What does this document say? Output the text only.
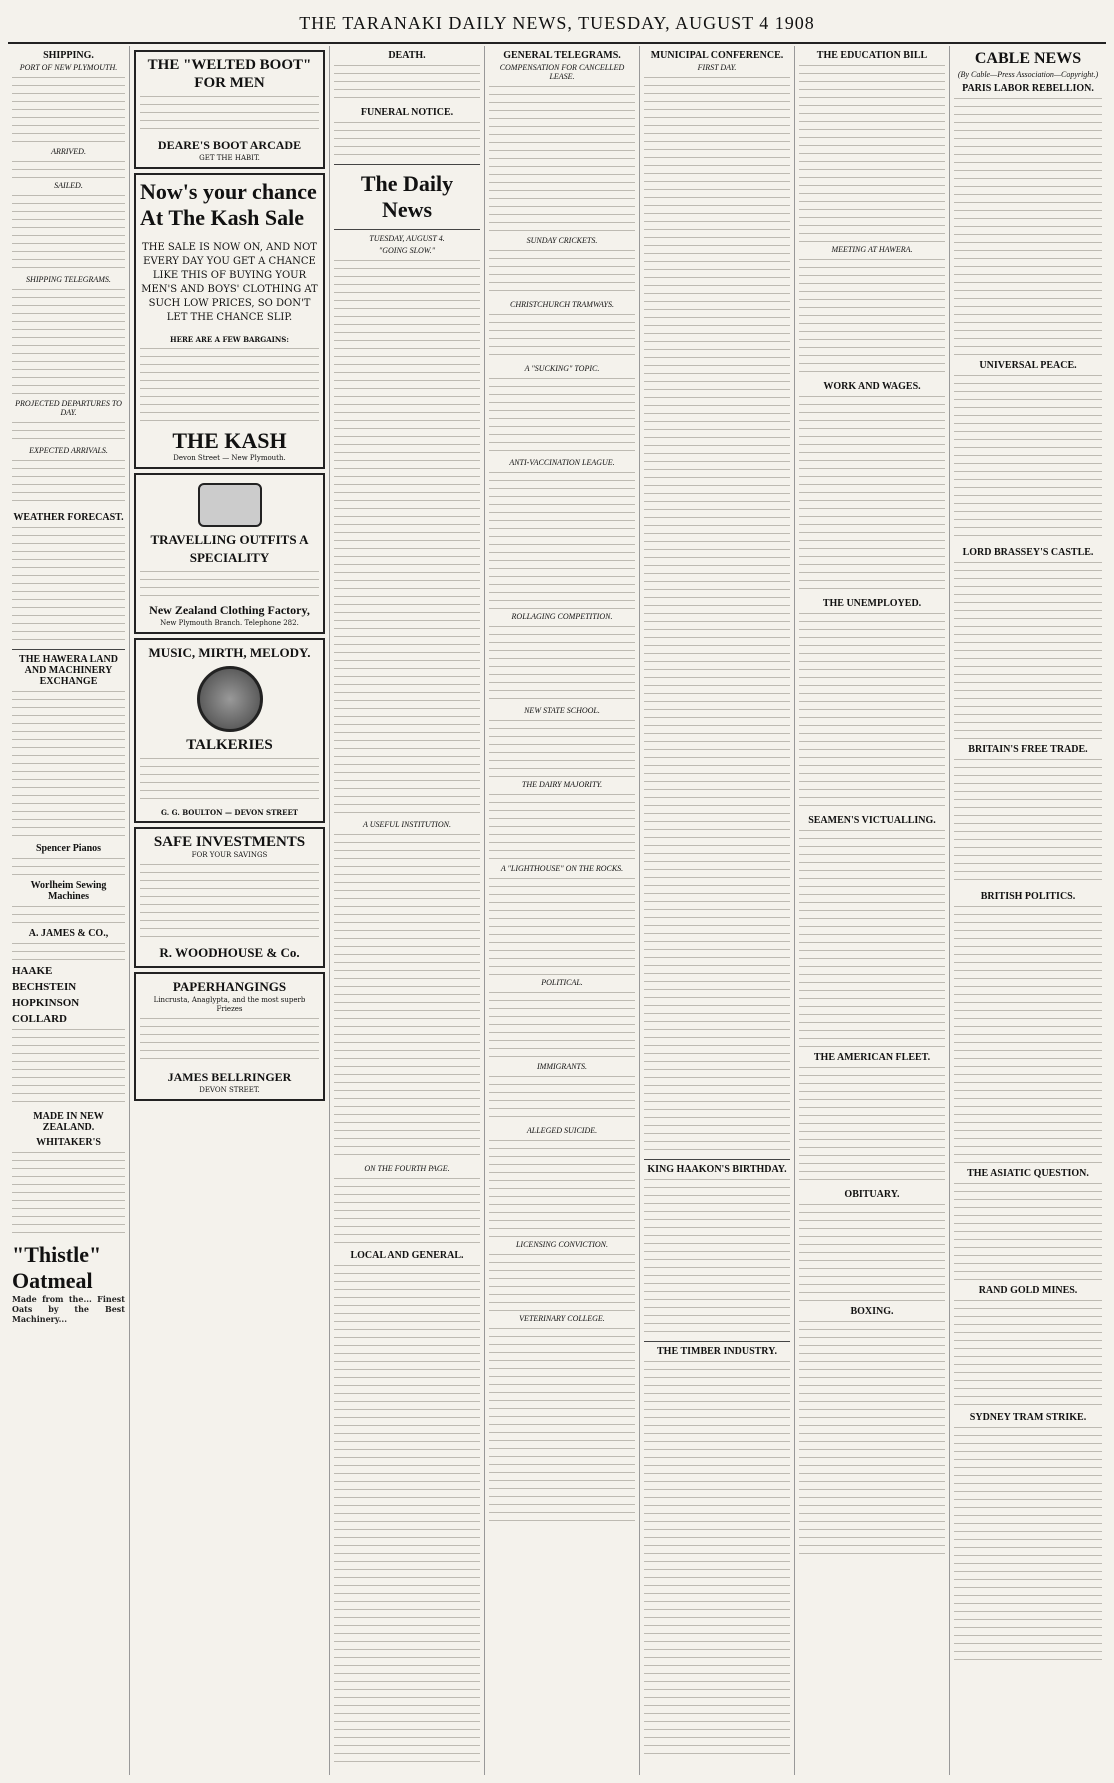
THE TARANAKI DAILY NEWS, TUESDAY, AUGUST 4 1908
SHIPPING.
PORT OF NEW PLYMOUTH.
ARRIVED.
SAILED.
SHIPPING TELEGRAMS.
PROJECTED DEPARTURES TO DAY.
EXPECTED ARRIVALS.
WEATHER FORECAST.
THE HAWERA LAND AND MACHINERY EXCHANGE
Spencer Pianos
Worlheim Sewing Machines
A. JAMES & CO.,
HAAKE
BECHSTEIN
HOPKINSON
COLLARD
MADE IN NEW ZEALAND.
WHITAKER'S
"Thistle"
Oatmeal
Made from the... Finest Oats by the Best Machinery...
THE "WELTED BOOT" FOR MEN
DEARE'S BOOT ARCADE
GET THE HABIT.
Now's your chance At The Kash Sale
THE SALE IS NOW ON, AND NOT EVERY DAY YOU GET A CHANCE LIKE THIS OF BUYING YOUR MEN'S AND BOYS' CLOTHING AT SUCH LOW PRICES, SO DON'T LET THE CHANCE SLIP.
HERE ARE A FEW BARGAINS:
THE KASH
Devon Street — New Plymouth.
TRAVELLING OUTFITS A SPECIALITY
New Zealand Clothing Factory,
New Plymouth Branch. Telephone 282.
MUSIC, MIRTH, MELODY.
TALKERIES
G. G. BOULTON — DEVON STREET
SAFE INVESTMENTS
FOR YOUR SAVINGS
R. WOODHOUSE & Co.
PAPERHANGINGS
Lincrusta, Anaglypta, and the most superb Friezes
JAMES BELLRINGER
DEVON STREET.
DEATH.
FUNERAL NOTICE.
The Daily News
TUESDAY, AUGUST 4.
"GOING SLOW."
A USEFUL INSTITUTION.
ON THE FOURTH PAGE.
LOCAL AND GENERAL.
GENERAL TELEGRAMS.
COMPENSATION FOR CANCELLED LEASE.
SUNDAY CRICKETS.
CHRISTCHURCH TRAMWAYS.
A "SUCKING" TOPIC.
ANTI-VACCINATION LEAGUE.
ROLLAGING COMPETITION.
NEW STATE SCHOOL.
THE DAIRY MAJORITY.
A "LIGHTHOUSE" ON THE ROCKS.
POLITICAL.
IMMIGRANTS.
ALLEGED SUICIDE.
LICENSING CONVICTION.
VETERINARY COLLEGE.
MUNICIPAL CONFERENCE.
FIRST DAY.
KING HAAKON'S BIRTHDAY.
THE TIMBER INDUSTRY.
THE EDUCATION BILL
MEETING AT HAWERA.
WORK AND WAGES.
THE UNEMPLOYED.
SEAMEN'S VICTUALLING.
THE AMERICAN FLEET.
OBITUARY.
BOXING.
CABLE NEWS
(By Cable—Press Association—Copyright.)
PARIS LABOR REBELLION.
UNIVERSAL PEACE.
LORD BRASSEY'S CASTLE.
BRITAIN'S FREE TRADE.
BRITISH POLITICS.
THE ASIATIC QUESTION.
RAND GOLD MINES.
SYDNEY TRAM STRIKE.
